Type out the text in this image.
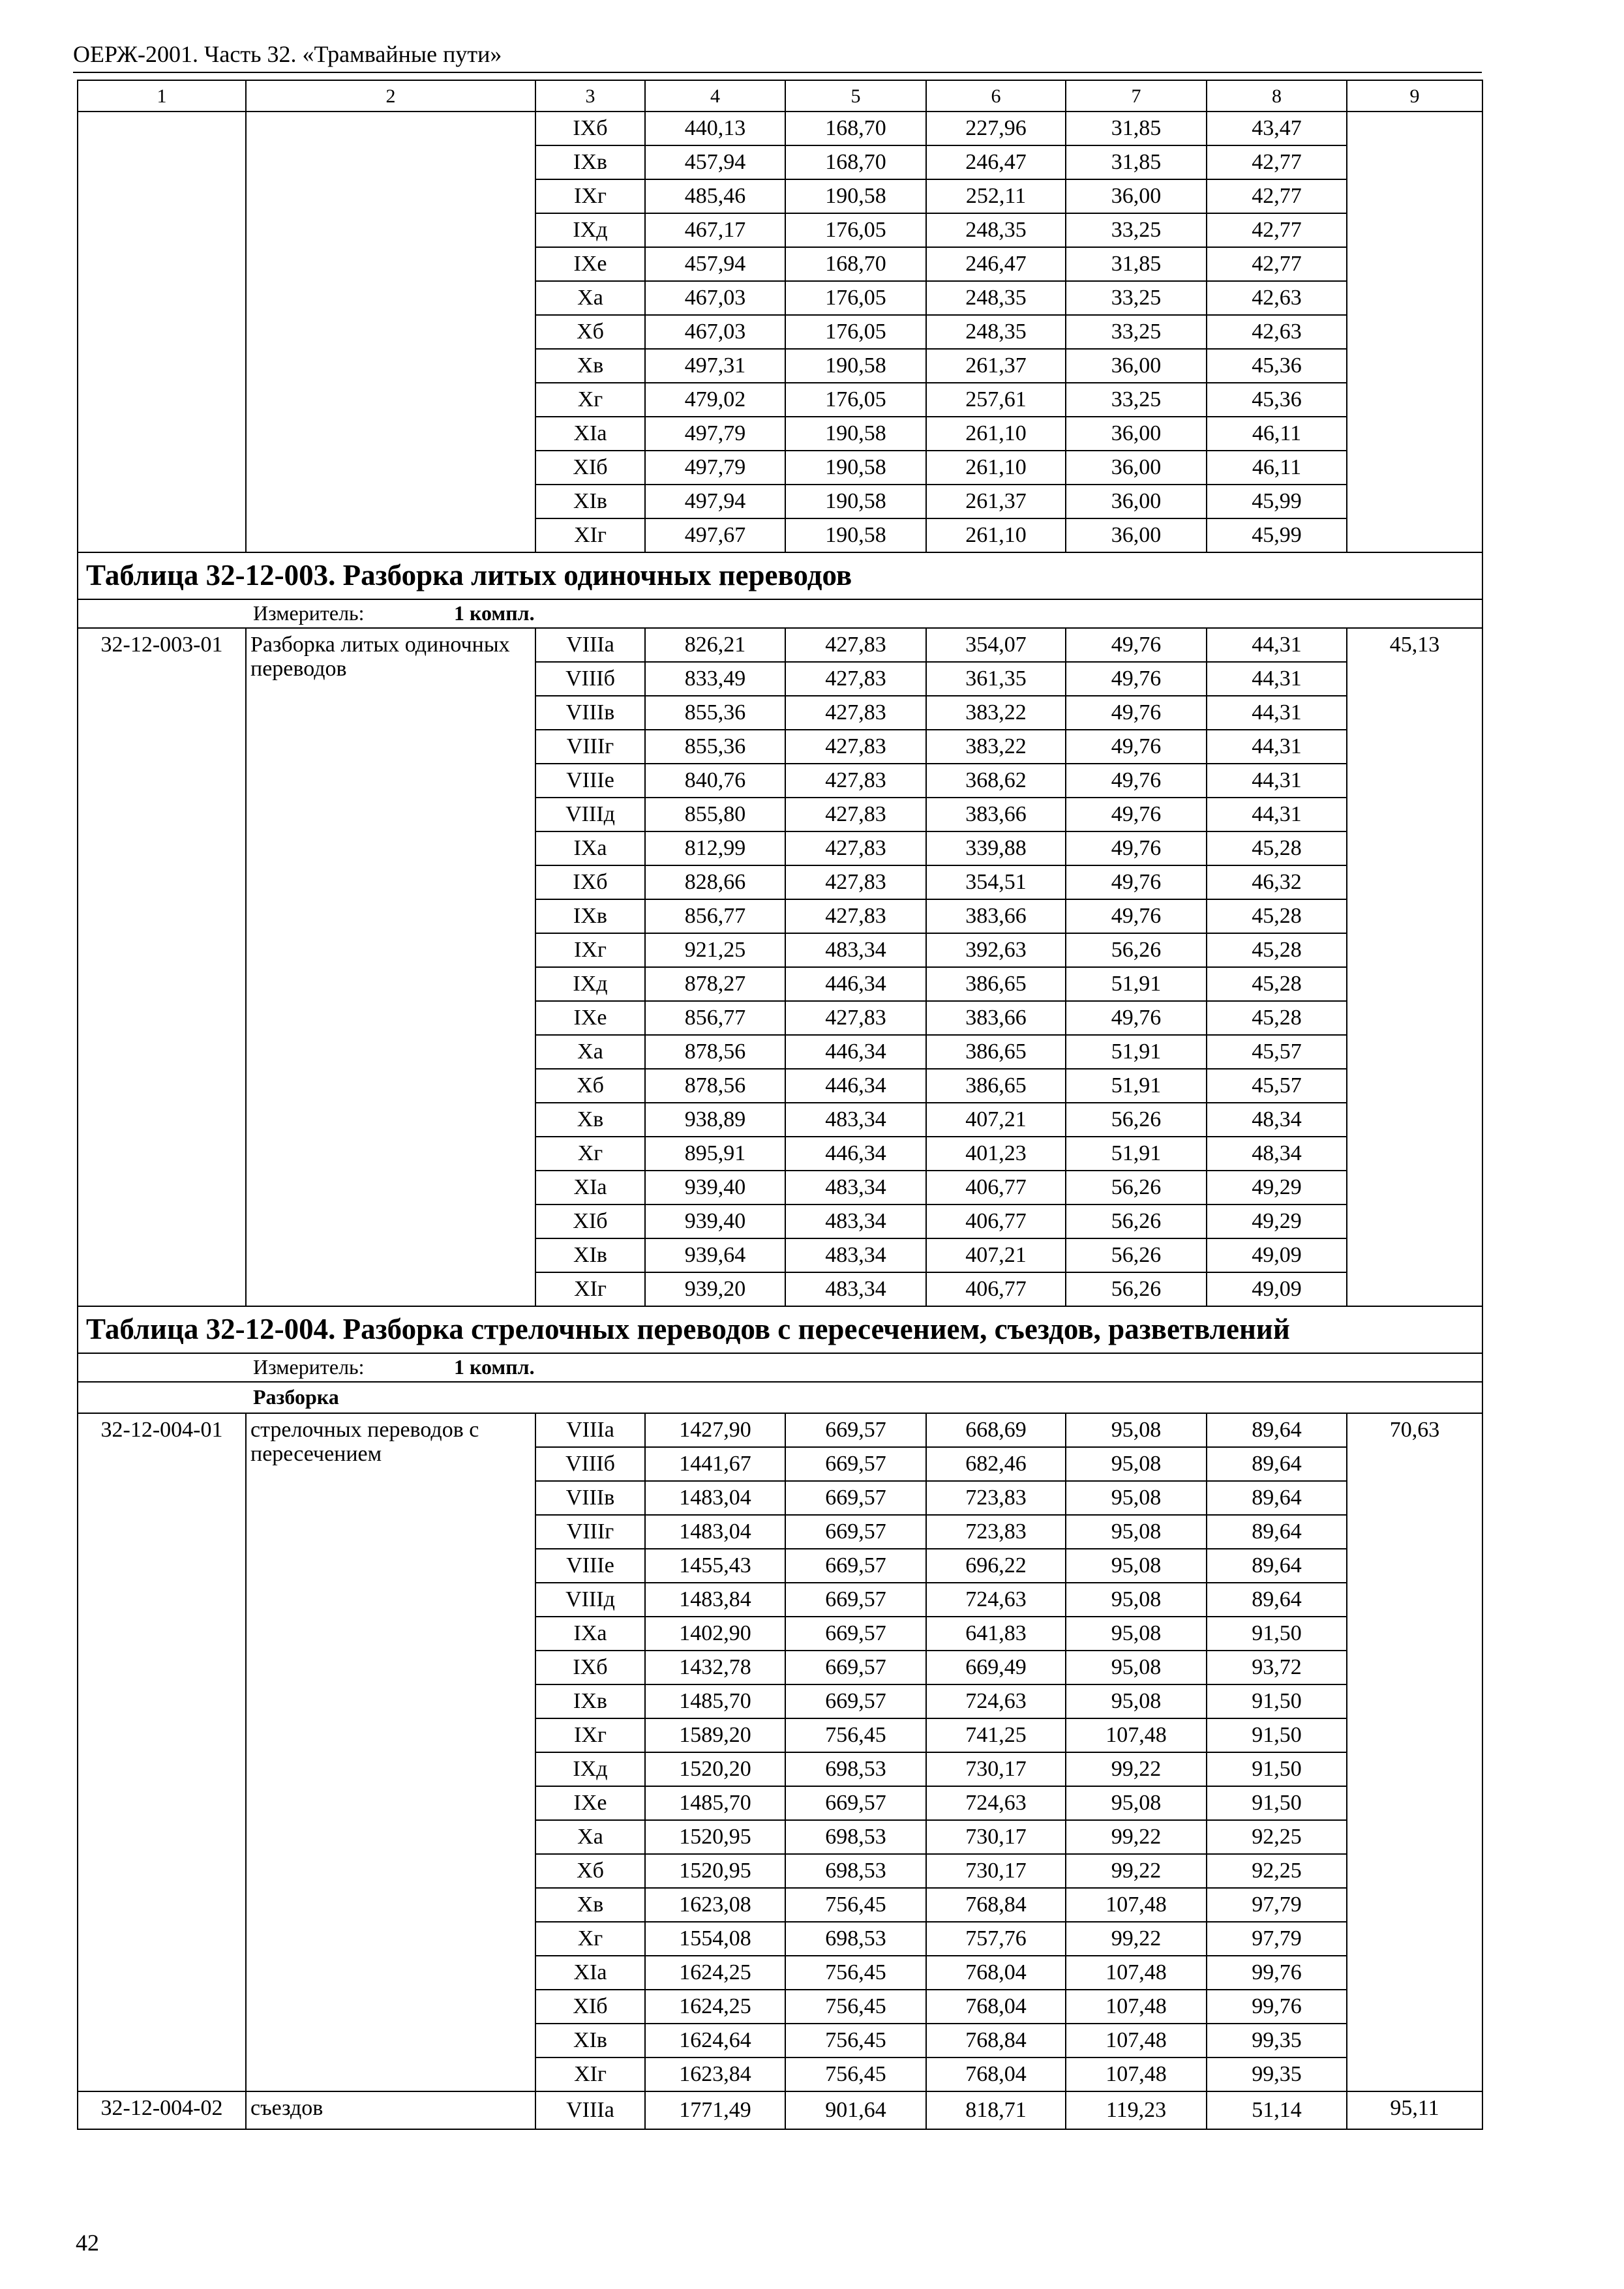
ОЕРЖ-2001. Часть 32. «Трамвайные пути»
1	2	3	4	5	6	7	8	9
		IXб	440,13	168,70	227,96	31,85	43,47	
		IXв	457,94	168,70	246,47	31,85	42,77	
		IXг	485,46	190,58	252,11	36,00	42,77	
		IXд	467,17	176,05	248,35	33,25	42,77	
		IXе	457,94	168,70	246,47	31,85	42,77	
		Xа	467,03	176,05	248,35	33,25	42,63	
		Xб	467,03	176,05	248,35	33,25	42,63	
		Xв	497,31	190,58	261,37	36,00	45,36	
		Xг	479,02	176,05	257,61	33,25	45,36	
		XIа	497,79	190,58	261,10	36,00	46,11	
		XIб	497,79	190,58	261,10	36,00	46,11	
		XIв	497,94	190,58	261,37	36,00	45,99	
		XIг	497,67	190,58	261,10	36,00	45,99	
Таблица 32-12-003. Разборка литых одиночных переводов								
Измеритель: 1 компл.								
32-12-003-01	Разборка литых одиночных переводов	VIIIа	826,21	427,83	354,07	49,76	44,31	45,13
		VIIIб	833,49	427,83	361,35	49,76	44,31	
		VIIIв	855,36	427,83	383,22	49,76	44,31	
		VIIIг	855,36	427,83	383,22	49,76	44,31	
		VIIIе	840,76	427,83	368,62	49,76	44,31	
		VIIIд	855,80	427,83	383,66	49,76	44,31	
		IXа	812,99	427,83	339,88	49,76	45,28	
		IXб	828,66	427,83	354,51	49,76	46,32	
		IXв	856,77	427,83	383,66	49,76	45,28	
		IXг	921,25	483,34	392,63	56,26	45,28	
		IXд	878,27	446,34	386,65	51,91	45,28	
		IXе	856,77	427,83	383,66	49,76	45,28	
		Xа	878,56	446,34	386,65	51,91	45,57	
		Xб	878,56	446,34	386,65	51,91	45,57	
		Xв	938,89	483,34	407,21	56,26	48,34	
		Xг	895,91	446,34	401,23	51,91	48,34	
		XIа	939,40	483,34	406,77	56,26	49,29	
		XIб	939,40	483,34	406,77	56,26	49,29	
		XIв	939,64	483,34	407,21	56,26	49,09	
		XIг	939,20	483,34	406,77	56,26	49,09	
Таблица 32-12-004. Разборка стрелочных переводов с пересечением, съездов, разветвлений								
Измеритель: 1 компл.								
Разборка								
32-12-004-01	стрелочных переводов с пересечением	VIIIа	1427,90	669,57	668,69	95,08	89,64	70,63
		VIIIб	1441,67	669,57	682,46	95,08	89,64	
		VIIIв	1483,04	669,57	723,83	95,08	89,64	
		VIIIг	1483,04	669,57	723,83	95,08	89,64	
		VIIIе	1455,43	669,57	696,22	95,08	89,64	
		VIIIд	1483,84	669,57	724,63	95,08	89,64	
		IXа	1402,90	669,57	641,83	95,08	91,50	
		IXб	1432,78	669,57	669,49	95,08	93,72	
		IXв	1485,70	669,57	724,63	95,08	91,50	
		IXг	1589,20	756,45	741,25	107,48	91,50	
		IXд	1520,20	698,53	730,17	99,22	91,50	
		IXе	1485,70	669,57	724,63	95,08	91,50	
		Xа	1520,95	698,53	730,17	99,22	92,25	
		Xб	1520,95	698,53	730,17	99,22	92,25	
		Xв	1623,08	756,45	768,84	107,48	97,79	
		Xг	1554,08	698,53	757,76	99,22	97,79	
		XIа	1624,25	756,45	768,04	107,48	99,76	
		XIб	1624,25	756,45	768,04	107,48	99,76	
		XIв	1624,64	756,45	768,84	107,48	99,35	
		XIг	1623,84	756,45	768,04	107,48	99,35	
32-12-004-02	съездов	VIIIа	1771,49	901,64	818,71	119,23	51,14	95,11
42
